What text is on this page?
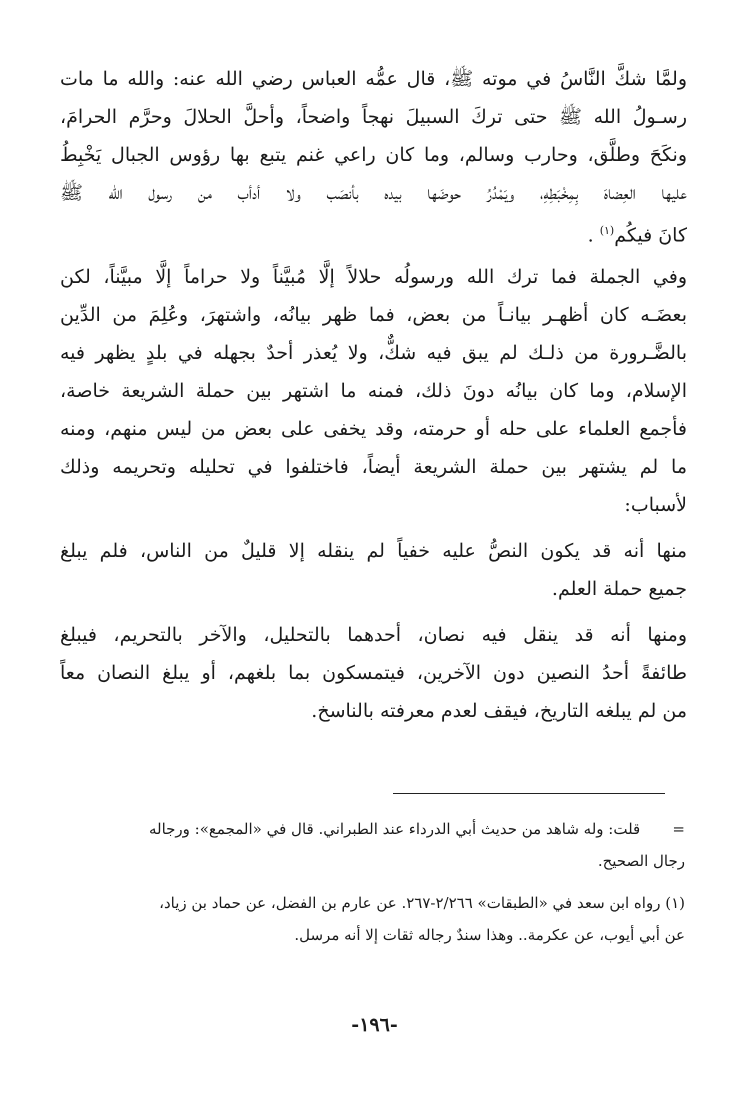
ولمَّا شكَّ النَّاسُ في موته ﷺ، قال عمُّه العباس رضي الله عنه: والله ما مات
رسـولُ الله ﷺ حتى تركَ السبيلَ نهجاً واضحاً، وأحلَّ الحلالَ وحرَّم الحرامَ،
ونكَحَ وطلَّق، وحارب وسالم، وما كان راعي غنم يتبع بها رؤوس الجبال يَخْبِطُ
عليها العِضاهَ بِمِخْبَطِهِ، ويَمْدُرُ حوضَها بيده بأنصَب ولا أدأب من رسول الله ﷺ
كانَ فيكُم$^{(١)}$ .
وفي الجملة فما ترك الله ورسولُه حلالاً إلَّا مُبيَّناً ولا حراماً إلَّا مبيَّناً، لكن
بعضَـه كان أظهـر بيانـاً من بعض، فما ظهر بيانُه، واشتهرَ، وعُلِمَ من الدِّين
بالضَّـرورة من ذلـك لم يبق فيه شكٌّ، ولا يُعذر أحدٌ بجهله في بلدٍ يظهر فيه
الإسلام، وما كان بيانُه دونَ ذلك، فمنه ما اشتهر بين حملة الشريعة خاصة،
فأجمع العلماء على حله أو حرمته، وقد يخفى على بعض من ليس منهم، ومنه
ما لم يشتهر بين حملة الشريعة أيضاً، فاختلفوا في تحليله وتحريمه وذلك
لأسباب:
منها أنه قد يكون النصُّ عليه خفياً لم ينقله إلا قليلٌ من الناس، فلم يبلغ
جميع حملة العلم.
ومنها أنه قد ينقل فيه نصان، أحدهما بالتحليل، والآخر بالتحريم، فيبلغ
طائفةً أحدُ النصين دون الآخرين، فيتمسكون بما بلغهم، أو يبلغ النصان معاً
من لم يبلغه التاريخ، فيقف لعدم معرفته بالناسخ.
= قلت: وله شاهد من حديث أبي الدرداء عند الطبراني. قال في «المجمع»: ورجاله
رجال الصحيح.
(١) رواه ابن سعد في «الطبقات» ٢/٢٦٦-٢٦٧. عن عارم بن الفضل، عن حماد بن زياد،
عن أبي أيوب، عن عكرمة.. وهذا سندٌ رجاله ثقات إلا أنه مرسل.
-١٩٦-
